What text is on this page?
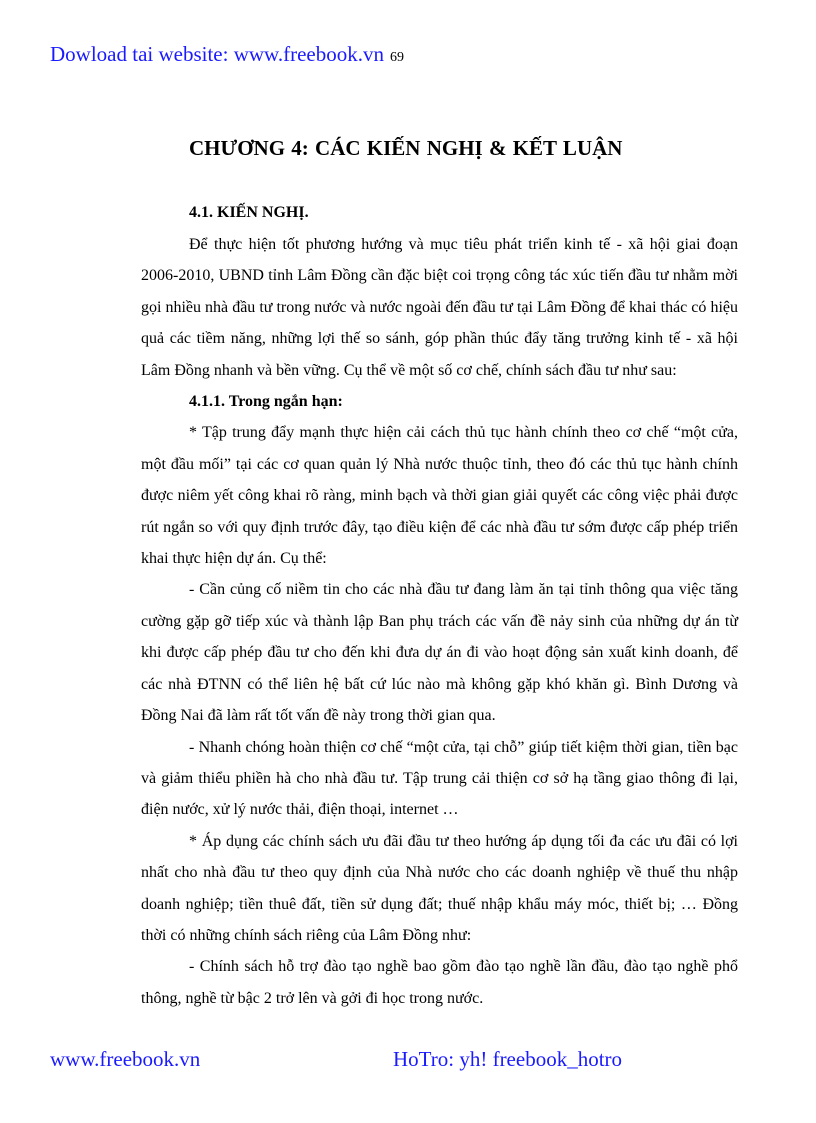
Dowload tai website: www.freebook.vn 69
CHƯƠNG 4: CÁC KIẾN NGHỊ & KẾT LUẬN
4.1. KIẾN NGHỊ.

Để thực hiện tốt phương hướng và mục tiêu phát triển kinh tế - xã hội giai đoạn 2006-2010, UBND tỉnh Lâm Đồng cần đặc biệt coi trọng công tác xúc tiến đầu tư nhằm mời gọi nhiều nhà đầu tư trong nước và nước ngoài đến đầu tư tại Lâm Đồng để khai thác có hiệu quả các tiềm năng, những lợi thế so sánh, góp phần thúc đẩy tăng trưởng kinh tế - xã hội Lâm Đồng nhanh và bền vững. Cụ thể về một số cơ chế, chính sách đầu tư như sau:

4.1.1. Trong ngắn hạn:

* Tập trung đẩy mạnh thực hiện cải cách thủ tục hành chính theo cơ chế “một cửa, một đầu mối” tại các cơ quan quản lý Nhà nước thuộc tỉnh, theo đó các thủ tục hành chính được niêm yết công khai rõ ràng, minh bạch và thời gian giải quyết các công việc phải được rút ngắn so với quy định trước đây, tạo điều kiện để các nhà đầu tư sớm được cấp phép triển khai thực hiện dự án. Cụ thể:

- Cần củng cố niềm tin cho các nhà đầu tư đang làm ăn tại tỉnh thông qua việc tăng cường gặp gỡ tiếp xúc và thành lập Ban phụ trách các vấn đề nảy sinh của những dự án từ khi được cấp phép đầu tư cho đến khi đưa dự án đi vào hoạt động sản xuất kinh doanh, để các nhà ĐTNN có thể liên hệ bất cứ lúc nào mà không gặp khó khăn gì. Bình Dương và Đồng Nai đã làm rất tốt vấn đề này trong thời gian qua.

- Nhanh chóng hoàn thiện cơ chế “một cửa, tại chỗ” giúp tiết kiệm thời gian, tiền bạc và giảm thiểu phiền hà cho nhà đầu tư. Tập trung cải thiện cơ sở hạ tầng giao thông đi lại, điện nước, xử lý nước thải, điện thoại, internet …

* Áp dụng các chính sách ưu đãi đầu tư theo hướng áp dụng tối đa các ưu đãi có lợi nhất cho nhà đầu tư theo quy định của Nhà nước cho các doanh nghiệp về thuế thu nhập doanh nghiệp; tiền thuê đất, tiền sử dụng đất; thuế nhập khẩu máy móc, thiết bị; … Đồng thời có những chính sách riêng của Lâm Đồng như:

- Chính sách hỗ trợ đào tạo nghề bao gồm đào tạo nghề lần đầu, đào tạo nghề phổ thông, nghề từ bậc 2 trở lên và gởi đi học trong nước.

www.freebook.vn	HoTro: yh! freebook_hotro
